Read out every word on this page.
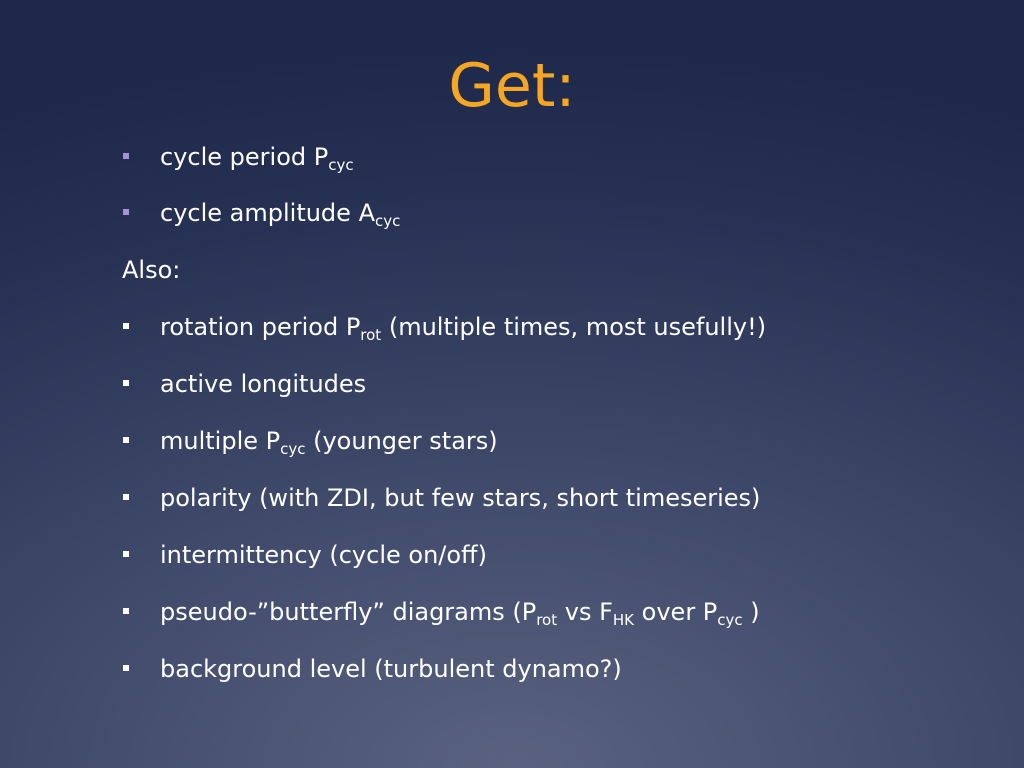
Get:
cycle period $P_{cyc}$
cycle amplitude $A_{cyc}$
Also:
rotation period $P_{rot}$ (multiple times, most usefully!)
active longitudes
multiple $P_{cyc}$ (younger stars)
polarity (with ZDI, but few stars, short timeseries)
intermittency (cycle on/off)
pseudo-”butterfly” diagrams ($P_{rot}$ vs $F_{HK}$ over $P_{cyc}$ )
background level (turbulent dynamo?)
